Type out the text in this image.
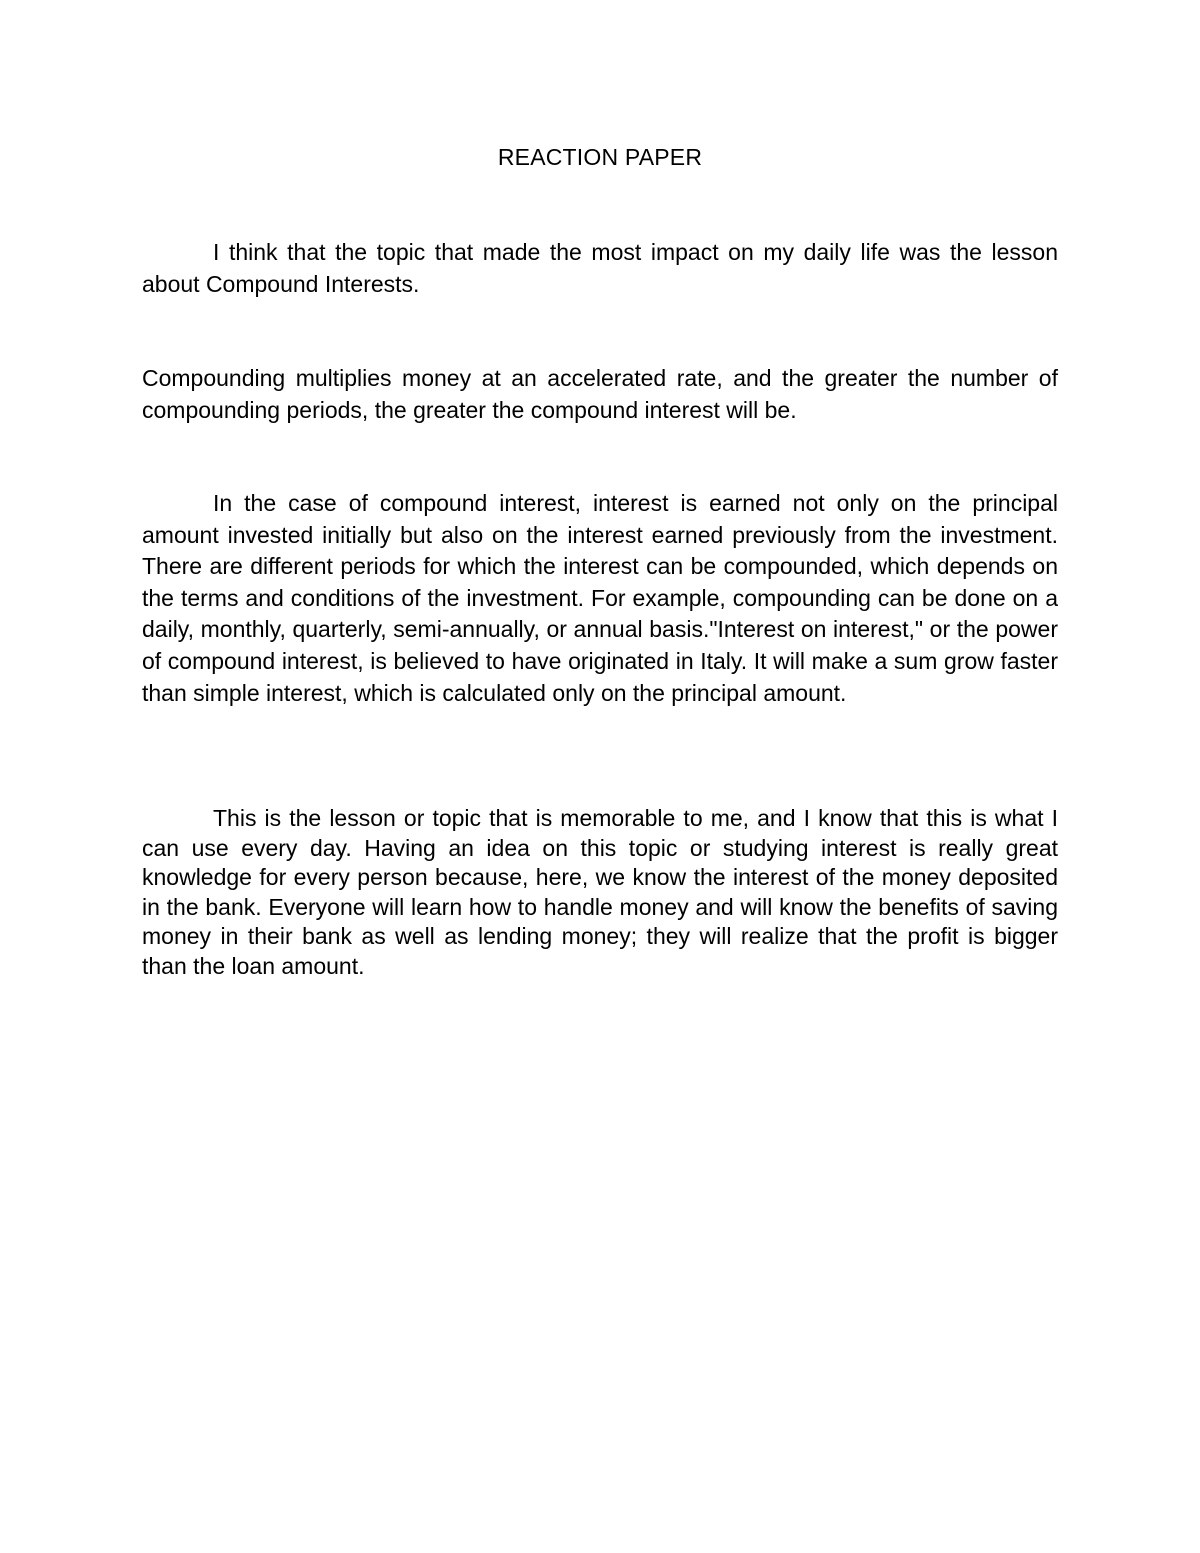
REACTION PAPER

I think that the topic that made the most impact on my daily life was the lesson about Compound Interests.

Compounding multiplies money at an accelerated rate, and the greater the number of compounding periods, the greater the compound interest will be.

In the case of compound interest, interest is earned not only on the principal amount invested initially but also on the interest earned previously from the investment. There are different periods for which the interest can be compounded, which depends on the terms and conditions of the investment. For example, compounding can be done on a daily, monthly, quarterly, semi-annually, or annual basis."Interest on interest," or the power of compound interest, is believed to have originated in Italy. It will make a sum grow faster than simple interest, which is calculated only on the principal amount.

This is the lesson or topic that is memorable to me, and I know that this is what I can use every day. Having an idea on this topic or studying interest is really great knowledge for every person because, here, we know the interest of the money deposited in the bank. Everyone will learn how to handle money and will know the benefits of saving money in their bank as well as lending money; they will realize that the profit is bigger than the loan amount.
